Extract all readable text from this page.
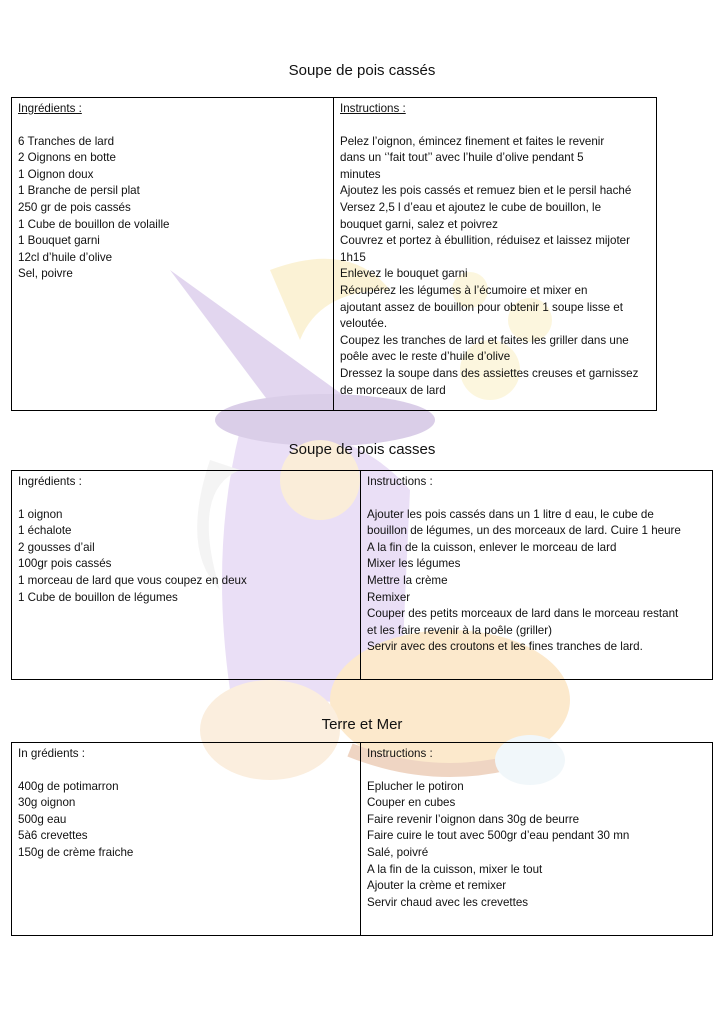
Soupe de pois cassés
Ingrédients :
6 Tranches de lard
2 Oignons en botte
1 Oignon doux
1 Branche de persil plat
250 gr de pois cassés
1 Cube de bouillon de volaille
1 Bouquet garni
12cl d’huile d’olive
Sel, poivre

Instructions :
Pelez l’oignon, émincez finement et faites le revenir
dans un ‘’fait tout’’ avec l’huile d’olive pendant 5
minutes
Ajoutez les pois cassés et remuez bien et le persil haché
Versez 2,5 l d’eau et ajoutez le cube de bouillon, le
bouquet garni, salez et poivrez
Couvrez et portez à ébullition, réduisez et laissez mijoter
1h15
Enlevez le bouquet garni
Récupérez les légumes à l’écumoire et mixer en
ajoutant assez de bouillon pour obtenir 1 soupe lisse et
veloutée.
Coupez les tranches de lard et faites les griller dans une
poêle avec le reste d’huile d’olive
Dressez la soupe dans des assiettes creuses et garnissez
de morceaux de lard
Soupe de pois casses
Ingrédients :
1 oignon
1 échalote
2 gousses d’ail
100gr pois cassés
1 morceau de lard que vous coupez en deux
1 Cube de bouillon de légumes

Instructions :
Ajouter les pois cassés dans un 1 litre d eau, le cube de
bouillon de légumes, un des morceaux de lard. Cuire 1 heure
A la fin de la cuisson, enlever le morceau de lard
Mixer les légumes
Mettre la crème
Remixer
Couper des petits morceaux de lard dans le morceau restant
et les faire revenir à la poêle (griller)
Servir avec des croutons et les fines tranches de lard.
Terre et Mer
In grédients :
400g de potimarron
30g oignon
500g eau
5à6 crevettes
150g de crème fraiche

Instructions :
Eplucher le potiron
Couper en cubes
Faire revenir l’oignon dans 30g de beurre
Faire cuire le tout avec 500gr d’eau pendant 30 mn
Salé, poivré
A la fin de la cuisson, mixer le tout
Ajouter la crème et remixer
Servir chaud avec les crevettes
